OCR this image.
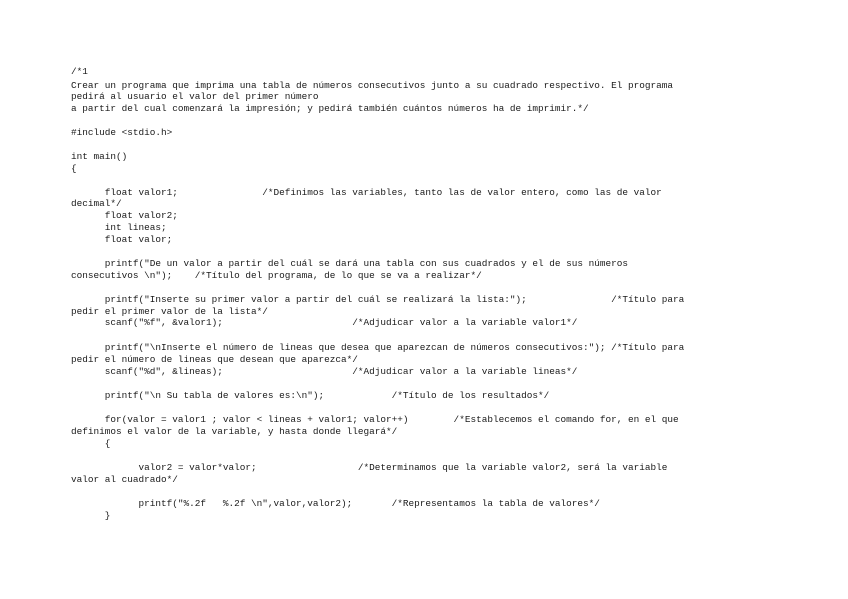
/*1
Crear un programa que imprima una tabla de números consecutivos junto a su cuadrado respectivo. El programa
pedirá al usuario el valor del primer número
a partir del cual comenzará la impresión; y pedirá también cuántos números ha de imprimir.*/
#include <stdio.h>
int main()
{
float valor1;               /*Definimos las variables, tanto las de valor entero, como las de valor
decimal*/
float valor2;
int lineas;
float valor;
printf("De un valor a partir del cuál se dará una tabla con sus cuadrados y el de sus números
consecutivos \n");    /*Título del programa, de lo que se va a realizar*/
printf("Inserte su primer valor a partir del cuál se realizará la lista:");               /*Título para
pedir el primer valor de la lista*/
scanf("%f", &valor1);                       /*Adjudicar valor a la variable valor1*/
printf("\nInserte el número de lineas que desea que aparezcan de números consecutivos:"); /*Título para
pedir el número de lineas que desean que aparezca*/
scanf("%d", &lineas);                       /*Adjudicar valor a la variable lineas*/
printf("\n Su tabla de valores es:\n");            /*Título de los resultados*/
for(valor = valor1 ; valor < lineas + valor1; valor++)        /*Establecemos el comando for, en el que
definimos el valor de la variable, y hasta donde llegará*/
{
valor2 = valor*valor;                  /*Determinamos que la variable valor2, será la variable
valor al cuadrado*/
printf("%.2f   %.2f \n",valor,valor2);       /*Representamos la tabla de valores*/
}
